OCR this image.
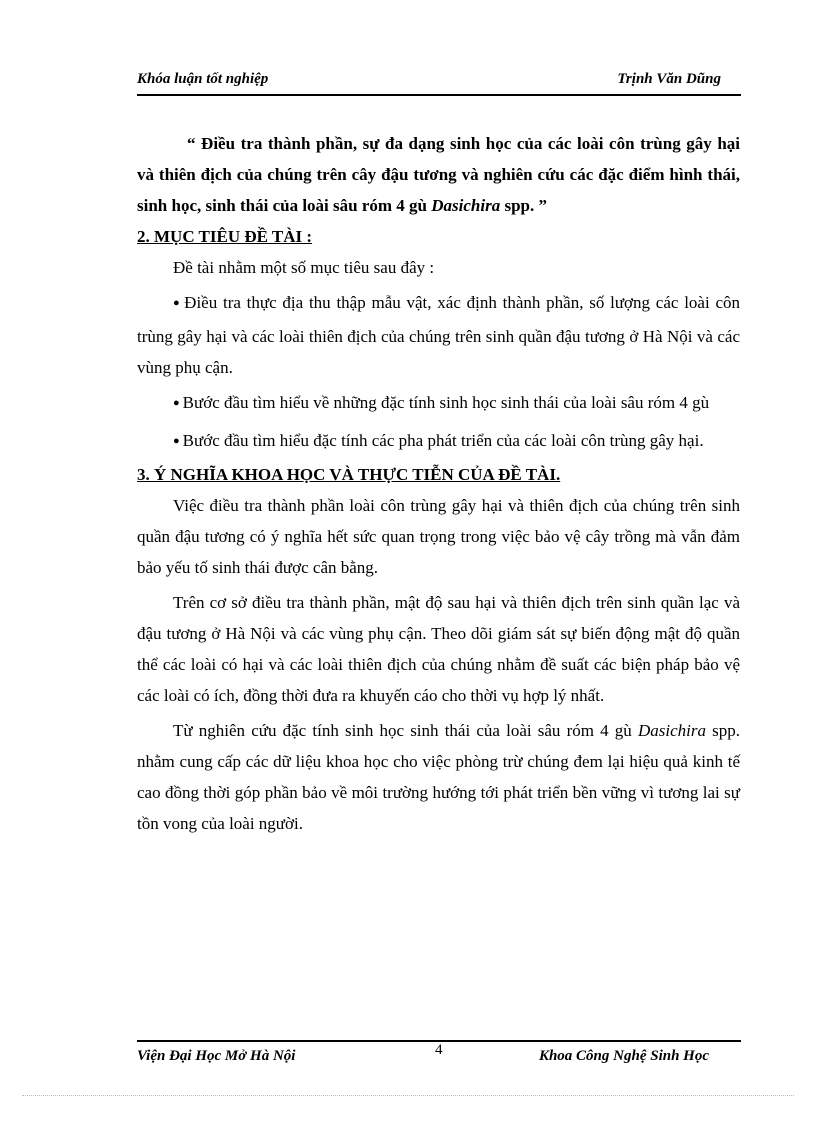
Khóa luận tốt nghiệp	Trịnh Văn Dũng

“ Điều tra thành phần, sự đa dạng sinh học của các loài côn trùng gây hại và thiên địch của chúng trên cây đậu tương và nghiên cứu các đặc điểm hình thái, sinh học, sinh thái của loài sâu róm 4 gù Dasichira spp. ”

2. MỤC TIÊU ĐỀ TÀI :

Đề tài nhằm một số mục tiêu sau đây :

● Điều tra thực địa thu thập mẫu vật, xác định thành phần, số lượng các loài côn trùng gây hại và các loài thiên địch của chúng trên sinh quần đậu tương ở Hà Nội và các vùng phụ cận.

● Bước đầu tìm hiểu về những đặc tính sinh học sinh thái của loài sâu róm 4 gù

● Bước đầu tìm hiểu đặc tính các pha phát triển của các loài côn trùng gây hại.

3. Ý NGHĨA KHOA HỌC VÀ THỰC TIỄN CỦA ĐỀ TÀI.

Việc điều tra thành phần loài côn trùng gây hại và thiên địch của chúng trên sinh quần đậu tương có ý nghĩa hết sức quan trọng trong việc bảo vệ cây trồng mà vẫn đảm bảo yếu tố sinh thái được cân bằng.

Trên cơ sở điều tra thành phần, mật độ sau hại và thiên địch trên sinh quần lạc và đậu tương ở Hà Nội và các vùng phụ cận. Theo dõi giám sát sự biến động mật độ quần thể các loài có hại và các loài thiên địch của chúng nhằm đề suất các biện pháp bảo vệ các loài có ích, đồng thời đưa ra khuyến cáo cho thời vụ hợp lý nhất.

Từ nghiên cứu đặc tính sinh học sinh thái của loài sâu róm 4 gù Dasichira spp. nhằm cung cấp các dữ liệu khoa học cho việc phòng trừ chúng đem lại hiệu quả kinh tế cao đồng thời góp phần bảo về môi trường hướng tới phát triển bền vững vì tương lai sự tồn vong của loài người.

Viện Đại Học Mở Hà Nội	4	Khoa Công Nghệ Sinh Học
